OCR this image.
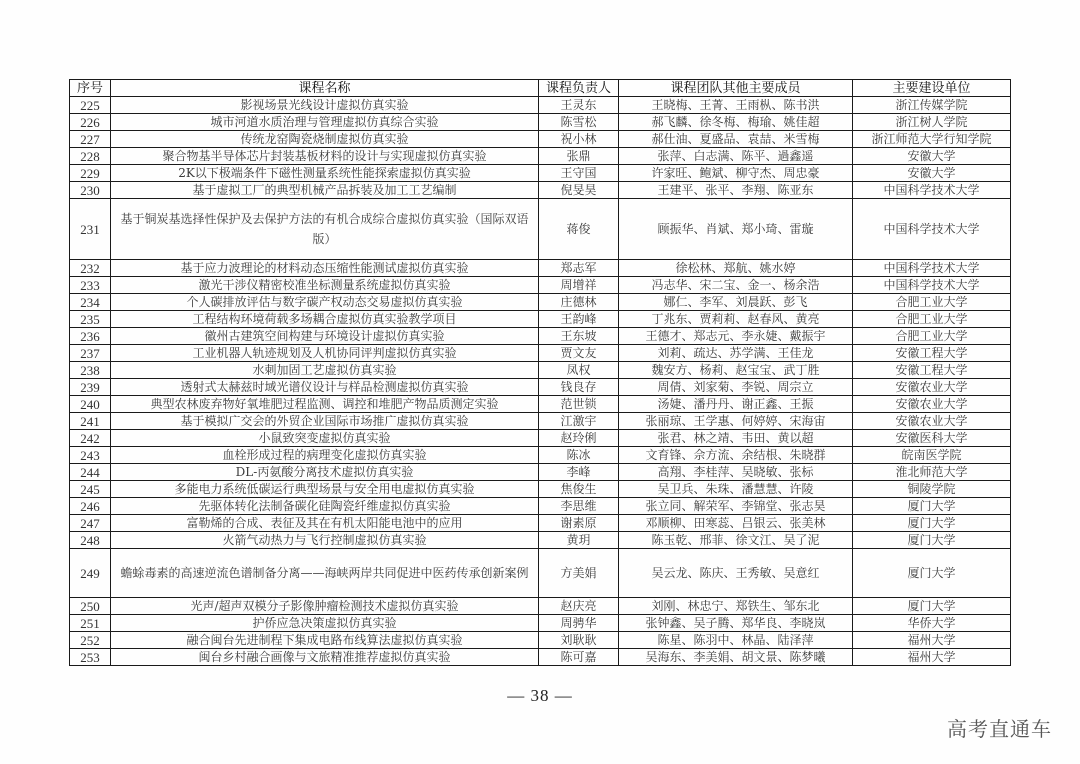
序号	课程名称	课程负责人	课程团队其他主要成员	主要建设单位
225	影视场景光线设计虚拟仿真实验	王灵东	王晓梅、王菁、王雨枞、陈书洪	浙江传媒学院
226	城市河道水质治理与管理虚拟仿真综合实验	陈雪松	郝飞麟、徐冬梅、梅瑜、姚佳超	浙江树人学院
227	传统龙窑陶瓷烧制虚拟仿真实验	祝小林	郝仕油、夏盛品、袁喆、米雪梅	浙江师范大学行知学院
228	聚合物基半导体芯片封装基板材料的设计与实现虚拟仿真实验	张鼎	张萍、白志满、陈平、過鑫遥	安徽大学
229	2K以下极端条件下磁性测量系统性能探索虚拟仿真实验	王守国	许家旺、鲍斌、柳守杰、周忠豪	安徽大学
230	基于虚拟工厂的典型机械产品拆装及加工工艺编制	倪旻昊	王建平、张平、李翔、陈亚东	中国科学技术大学
231	基于铜炭基选择性保护及去保护方法的有机合成综合虚拟仿真实验（国际双语版）	蒋俊	顾振华、肖斌、郑小琦、雷璇	中国科学技术大学
232	基于应力波理论的材料动态压缩性能测试虚拟仿真实验	郑志军	徐松林、郑航、姚水婷	中国科学技术大学
233	激光干涉仪精密校准坐标测量系统虚拟仿真实验	周增祥	冯志华、宋二宝、金一、杨余浩	中国科学技术大学
234	个人碳排放评估与数字碳产权动态交易虚拟仿真实验	庄德林	娜仁、李军、刘晨跃、彭飞	合肥工业大学
235	工程结构环境荷载多场耦合虚拟仿真实验教学项目	王韵峰	丁兆东、贾莉莉、赵春风、黄亮	合肥工业大学
236	徽州古建筑空间构建与环境设计虚拟仿真实验	王东坡	王德才、郑志元、李永婕、戴振宇	合肥工业大学
237	工业机器人轨迹规划及人机协同评判虚拟仿真实验	贾文友	刘莉、疏达、苏学满、王佳龙	安徽工程大学
238	水刺加固工艺虚拟仿真实验	凤权	魏安方、杨莉、赵宝宝、武丁胜	安徽工程大学
239	透射式太赫兹时域光谱仪设计与样品检测虚拟仿真实验	钱良存	周倩、刘家菊、李锐、周宗立	安徽农业大学
240	典型农林废弃物好氧堆肥过程监测、调控和堆肥产物品质测定实验	范世锁	汤婕、潘丹丹、谢正鑫、王振	安徽农业大学
241	基于模拟广交会的外贸企业国际市场推广虚拟仿真实验	江激宇	张丽琼、王学惠、何婷婷、宋海宙	安徽农业大学
242	小鼠致突变虚拟仿真实验	赵玲俐	张君、林之靖、韦田、黄以超	安徽医科大学
243	血栓形成过程的病理变化虚拟仿真实验	陈冰	文育锋、佘方流、余结根、朱晓群	皖南医学院
244	DL-丙氨酸分离技术虚拟仿真实验	李峰	高翔、李桂萍、吴晓敏、张标	淮北师范大学
245	多能电力系统低碳运行典型场景与安全用电虚拟仿真实验	焦俊生	吴卫兵、朱珠、潘慧慧、许陵	铜陵学院
246	先驱体转化法制备碳化硅陶瓷纤维虚拟仿真实验	李思维	张立同、解荣军、李锦堂、张志昊	厦门大学
247	富勒烯的合成、表征及其在有机太阳能电池中的应用	谢素原	邓顺柳、田寒蕊、吕银云、张美林	厦门大学
248	火箭气动热力与飞行控制虚拟仿真实验	黄玥	陈玉乾、邢菲、徐文江、吴了泥	厦门大学
249	蟾蜍毒素的高速逆流色谱制备分离——海峡两岸共同促进中医药传承创新案例	方美娟	吴云龙、陈庆、王秀敏、吴意红	厦门大学
250	光声/超声双模分子影像肿瘤检测技术虚拟仿真实验	赵庆亮	刘刚、林忠宁、郑铁生、邹东北	厦门大学
251	护侨应急决策虚拟仿真实验	周骋华	张钟鑫、吴子腾、郑华良、李晓岚	华侨大学
252	融合闽台先进制程下集成电路布线算法虚拟仿真实验	刘耿耿	陈星、陈羽中、林晶、陆泽萍	福州大学
253	闽台乡村融合画像与文旅精准推荐虚拟仿真实验	陈可嘉	吴海东、李美娟、胡文景、陈梦曦	福州大学
— 38 —
高考直通车
